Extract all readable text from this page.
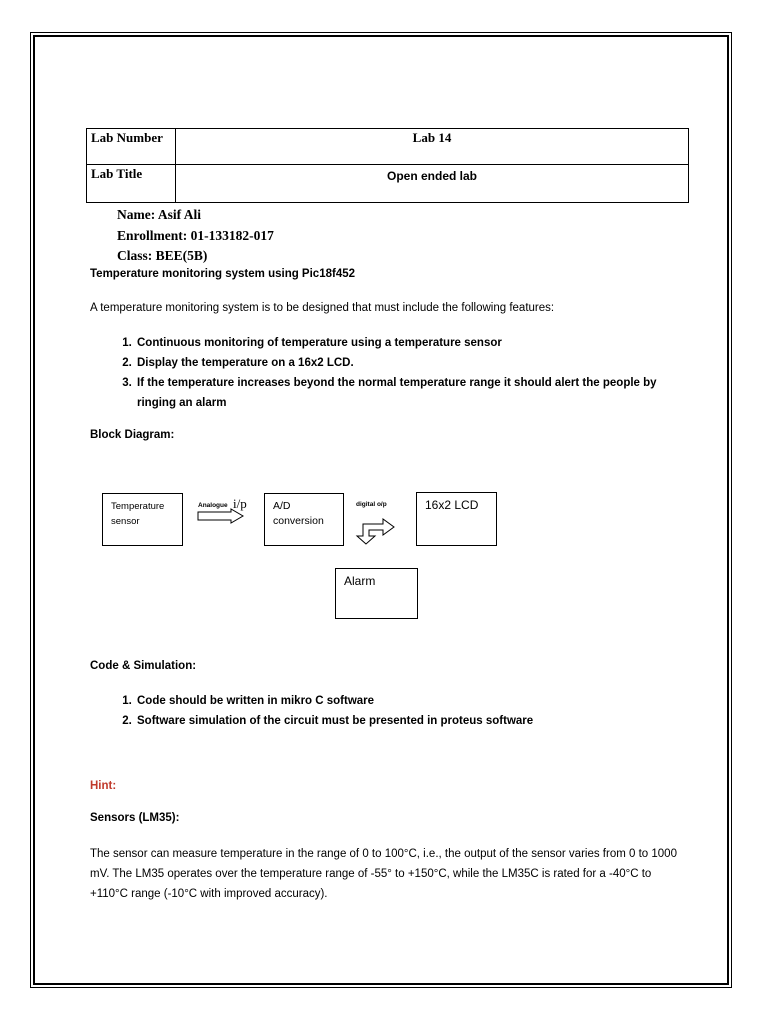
Lab Number	Lab 14
Lab Title	Open ended lab
Name: Asif Ali
Enrollment: 01-133182-017
Class: BEE(5B)
Temperature monitoring system using Pic18f452
A temperature monitoring system is to be designed that must include the following features:
1. Continuous monitoring of temperature using a temperature sensor
2. Display the temperature on a 16x2 LCD.
3. If the temperature increases beyond the normal temperature range it should alert the people by ringing an alarm
Block Diagram:
Temperature sensor
Analogue i/p	A/D conversion
digital o/p	16x2 LCD
Alarm
Code & Simulation:
1. Code should be written in mikro C software
2. Software simulation of the circuit must be presented in proteus software
Hint:
Sensors (LM35):
The sensor can measure temperature in the range of 0 to 100°C, i.e., the output of the sensor varies from 0 to 1000 mV. The LM35 operates over the temperature range of -55° to +150°C, while the LM35C is rated for a -40°C to +110°C range (-10°C with improved accuracy).
